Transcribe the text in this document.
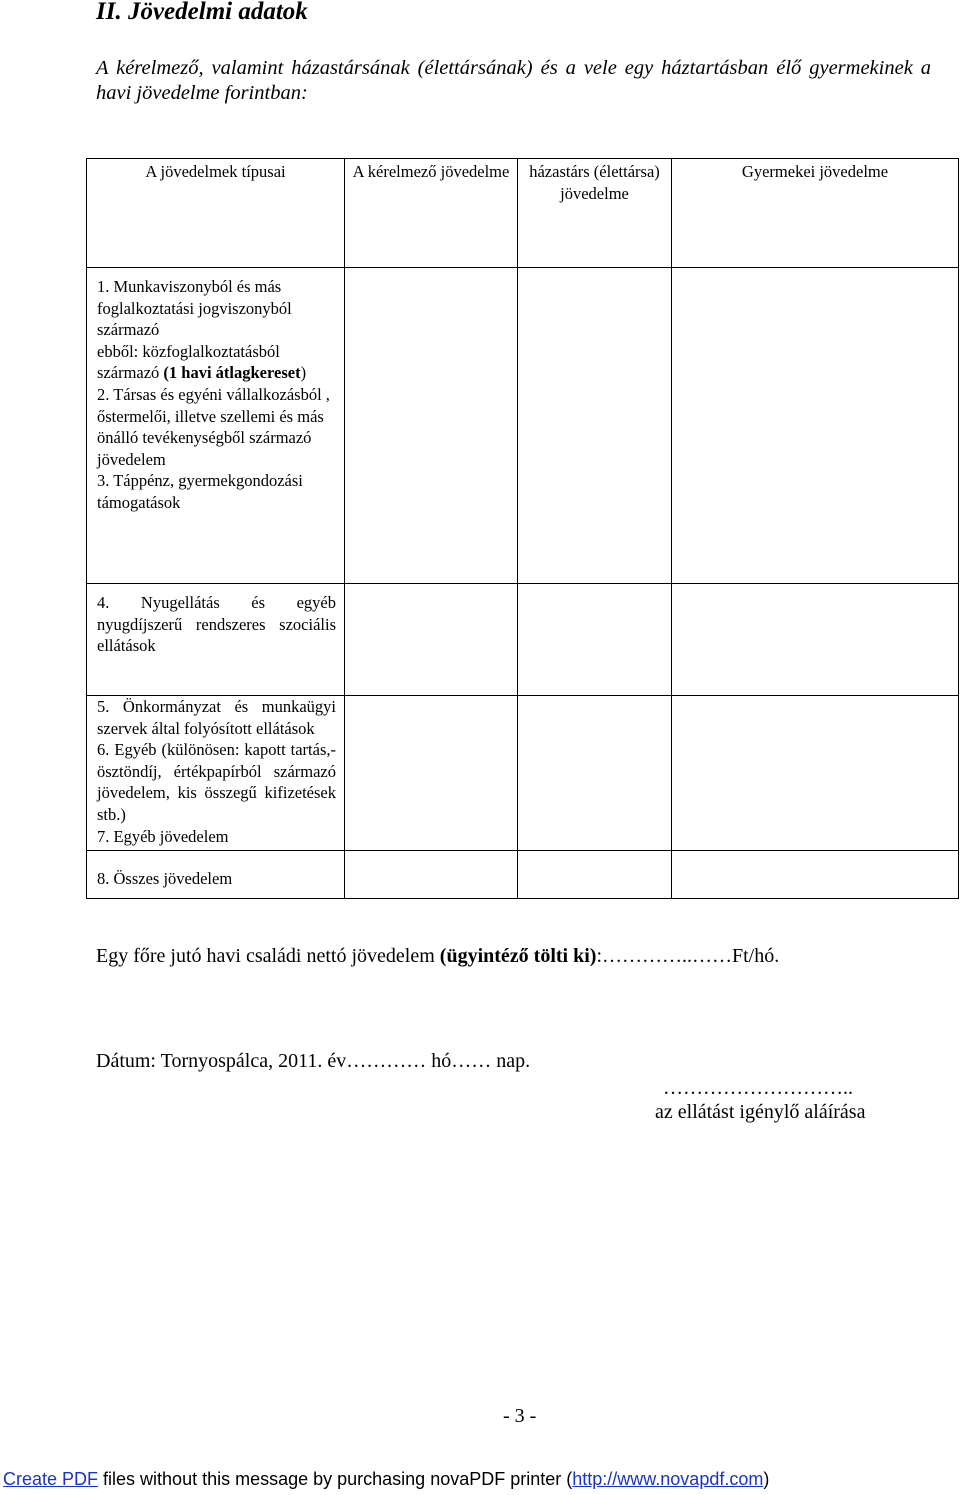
II. Jövedelmi adatok
A kérelmező, valamint házastársának (élettársának) és a vele egy háztartásban élő gyermekinek a havi jövedelme forintban:
A jövedelmek típusai	A kérelmező jövedelme	házastárs (élettársa) jövedelme	Gyermekei jövedelme

1. Munkaviszonyból és más foglalkoztatási jogviszonyból származó

ebből: közfoglalkoztatásból származó (1 havi átlagkereset)

2. Társas és egyéni vállalkozásból , őstermelői, illetve szellemi és más önálló tevékenységből származó jövedelem

3. Táppénz, gyermekgondozási támogatások			

4. Nyugellátás és egyéb nyugdíjszerű rendszeres szociális ellátások			

5. Önkormányzat és munkaügyi szervek által folyósított ellátások

6. Egyéb (különösen: kapott tartás,-ösztöndíj, értékpapírból származó jövedelem, kis összegű kifizetések stb.)

7. Egyéb jövedelem			

8. Összes jövedelem			

Egy főre jutó havi családi nettó jövedelem (ügyintéző tölti ki):…………..……Ft/hó.
Dátum: Tornyospálca, 2011. év………… hó…… nap.
………………………..
az ellátást igénylő aláírása
- 3 -
Create PDF files without this message by purchasing novaPDF printer (http://www.novapdf.com)
